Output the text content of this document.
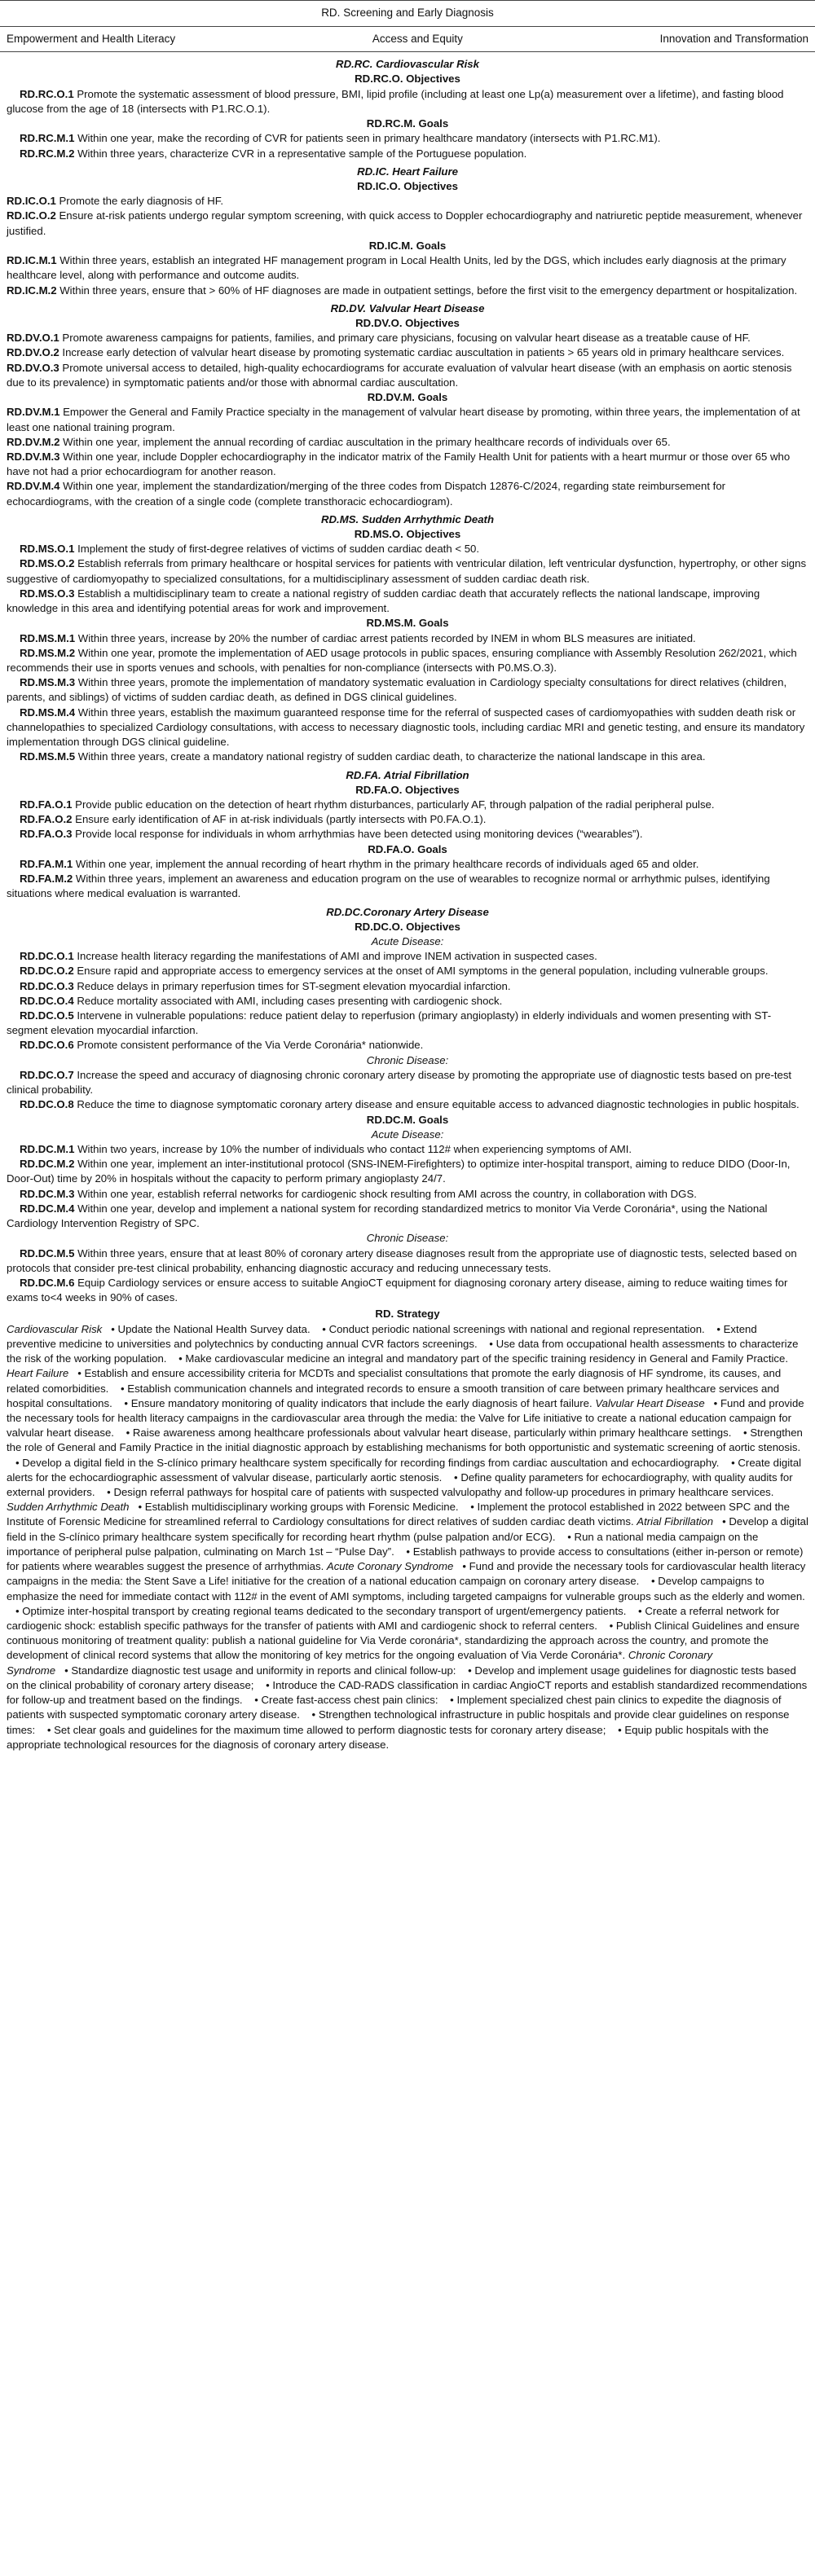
RD. Screening and Early Diagnosis
Empowerment and Health Literacy	Access and Equity	Innovation and Transformation
RD.RC. Cardiovascular Risk
RD.RC.O. Objectives

RD.RC.O.1 Promote the systematic assessment of blood pressure, BMI, lipid profile (including at least one Lp(a) measurement over a lifetime), and fasting blood glucose from the age of 18 (intersects with P1.RC.O.1).

RD.RC.M. Goals

RD.RC.M.1 Within one year, make the recording of CVR for patients seen in primary healthcare mandatory (intersects with P1.RC.M1).

RD.RC.M.2 Within three years, characterize CVR in a representative sample of the Portuguese population.

RD.IC. Heart Failure
RD.IC.O. Objectives

RD.IC.O.1 Promote the early diagnosis of HF.

RD.IC.O.2 Ensure at-risk patients undergo regular symptom screening, with quick access to Doppler echocardiography and natriuretic peptide measurement, whenever justified.

RD.IC.M. Goals

RD.IC.M.1 Within three years, establish an integrated HF management program in Local Health Units, led by the DGS, which includes early diagnosis at the primary healthcare level, along with performance and outcome audits.

RD.IC.M.2 Within three years, ensure that > 60% of HF diagnoses are made in outpatient settings, before the first visit to the emergency department or hospitalization.

RD.DV. Valvular Heart Disease
RD.DV.O. Objectives

RD.DV.O.1 Promote awareness campaigns for patients, families, and primary care physicians, focusing on valvular heart disease as a treatable cause of HF.

RD.DV.O.2 Increase early detection of valvular heart disease by promoting systematic cardiac auscultation in patients > 65 years old in primary healthcare services.

RD.DV.O.3 Promote universal access to detailed, high-quality echocardiograms for accurate evaluation of valvular heart disease (with an emphasis on aortic stenosis due to its prevalence) in symptomatic patients and/or those with abnormal cardiac auscultation.

RD.DV.M. Goals

RD.DV.M.1 Empower the General and Family Practice specialty in the management of valvular heart disease by promoting, within three years, the implementation of at least one national training program.

RD.DV.M.2 Within one year, implement the annual recording of cardiac auscultation in the primary healthcare records of individuals over 65.

RD.DV.M.3 Within one year, include Doppler echocardiography in the indicator matrix of the Family Health Unit for patients with a heart murmur or those over 65 who have not had a prior echocardiogram for another reason.

RD.DV.M.4 Within one year, implement the standardization/merging of the three codes from Dispatch 12876-C/2024, regarding state reimbursement for echocardiograms, with the creation of a single code (complete transthoracic echocardiogram).

RD.MS. Sudden Arrhythmic Death
RD.MS.O. Objectives

RD.MS.O.1 Implement the study of first-degree relatives of victims of sudden cardiac death < 50.

RD.MS.O.2 Establish referrals from primary healthcare or hospital services for patients with ventricular dilation, left ventricular dysfunction, hypertrophy, or other signs suggestive of cardiomyopathy to specialized consultations, for a multidisciplinary assessment of sudden cardiac death risk.

RD.MS.O.3 Establish a multidisciplinary team to create a national registry of sudden cardiac death that accurately reflects the national landscape, improving knowledge in this area and identifying potential areas for work and improvement.

RD.MS.M. Goals

RD.MS.M.1 Within three years, increase by 20% the number of cardiac arrest patients recorded by INEM in whom BLS measures are initiated.

RD.MS.M.2 Within one year, promote the implementation of AED usage protocols in public spaces, ensuring compliance with Assembly Resolution 262/2021, which recommends their use in sports venues and schools, with penalties for non-compliance (intersects with P0.MS.O.3).

RD.MS.M.3 Within three years, promote the implementation of mandatory systematic evaluation in Cardiology specialty consultations for direct relatives (children, parents, and siblings) of victims of sudden cardiac death, as defined in DGS clinical guidelines.

RD.MS.M.4 Within three years, establish the maximum guaranteed response time for the referral of suspected cases of cardiomyopathies with sudden death risk or channelopathies to specialized Cardiology consultations, with access to necessary diagnostic tools, including cardiac MRI and genetic testing, and ensure its mandatory implementation through DGS clinical guideline.

RD.MS.M.5 Within three years, create a mandatory national registry of sudden cardiac death, to characterize the national landscape in this area.

RD.FA. Atrial Fibrillation
RD.FA.O. Objectives

RD.FA.O.1 Provide public education on the detection of heart rhythm disturbances, particularly AF, through palpation of the radial peripheral pulse.

RD.FA.O.2 Ensure early identification of AF in at-risk individuals (partly intersects with P0.FA.O.1).

RD.FA.O.3 Provide local response for individuals in whom arrhythmias have been detected using monitoring devices (“wearables”).

RD.FA.O. Goals

RD.FA.M.1 Within one year, implement the annual recording of heart rhythm in the primary healthcare records of individuals aged 65 and older.

RD.FA.M.2 Within three years, implement an awareness and education program on the use of wearables to recognize normal or arrhythmic pulses, identifying situations where medical evaluation is warranted.

RD.DC.Coronary Artery Disease
RD.DC.O. Objectives
Acute Disease:

RD.DC.O.1 Increase health literacy regarding the manifestations of AMI and improve INEM activation in suspected cases.

RD.DC.O.2 Ensure rapid and appropriate access to emergency services at the onset of AMI symptoms in the general population, including vulnerable groups.

RD.DC.O.3 Reduce delays in primary reperfusion times for ST-segment elevation myocardial infarction.

RD.DC.O.4 Reduce mortality associated with AMI, including cases presenting with cardiogenic shock.

RD.DC.O.5 Intervene in vulnerable populations: reduce patient delay to reperfusion (primary angioplasty) in elderly individuals and women presenting with ST-segment elevation myocardial infarction.

RD.DC.O.6 Promote consistent performance of the Via Verde Coronária* nationwide.

Chronic Disease:

RD.DC.O.7 Increase the speed and accuracy of diagnosing chronic coronary artery disease by promoting the appropriate use of diagnostic tests based on pre-test clinical probability.

RD.DC.O.8 Reduce the time to diagnose symptomatic coronary artery disease and ensure equitable access to advanced diagnostic technologies in public hospitals.

RD.DC.M. Goals
Acute Disease:

RD.DC.M.1 Within two years, increase by 10% the number of individuals who contact 112# when experiencing symptoms of AMI.

RD.DC.M.2 Within one year, implement an inter-institutional protocol (SNS-INEM-Firefighters) to optimize inter-hospital transport, aiming to reduce DIDO (Door-In, Door-Out) time by 20% in hospitals without the capacity to perform primary angioplasty 24/7.

RD.DC.M.3 Within one year, establish referral networks for cardiogenic shock resulting from AMI across the country, in collaboration with DGS.

RD.DC.M.4 Within one year, develop and implement a national system for recording standardized metrics to monitor Via Verde Coronária*, using the National Cardiology Intervention Registry of SPC.

Chronic Disease:

RD.DC.M.5 Within three years, ensure that at least 80% of coronary artery disease diagnoses result from the appropriate use of diagnostic tests, selected based on protocols that consider pre-test clinical probability, enhancing diagnostic accuracy and reducing unnecessary tests.

RD.DC.M.6 Equip Cardiology services or ensure access to suitable AngioCT equipment for diagnosing coronary artery disease, aiming to reduce waiting times for exams to<4 weeks in 90% of cases.

RD. Strategy

Cardiovascular Risk • Update the National Health Survey data. • Conduct periodic national screenings with national and regional representation. • Extend preventive medicine to universities and polytechnics by conducting annual CVR factors screenings. • Use data from occupational health assessments to characterize the risk of the working population. • Make cardiovascular medicine an integral and mandatory part of the specific training residency in General and Family Practice. Heart Failure • Establish and ensure accessibility criteria for MCDTs and specialist consultations that promote the early diagnosis of HF syndrome, its causes, and related comorbidities. • Establish communication channels and integrated records to ensure a smooth transition of care between primary healthcare services and hospital consultations. • Ensure mandatory monitoring of quality indicators that include the early diagnosis of heart failure. Valvular Heart Disease • Fund and provide the necessary tools for health literacy campaigns in the cardiovascular area through the media: the Valve for Life initiative to create a national education campaign for valvular heart disease. • Raise awareness among healthcare professionals about valvular heart disease, particularly within primary healthcare settings. • Strengthen the role of General and Family Practice in the initial diagnostic approach by establishing mechanisms for both opportunistic and systematic screening of aortic stenosis.    • Develop a digital field in the S-clínico primary healthcare system specifically for recording findings from cardiac auscultation and echocardiography. • Create digital alerts for the echocardiographic assessment of valvular disease, particularly aortic stenosis. • Define quality parameters for echocardiography, with quality audits for external providers. • Design referral pathways for hospital care of patients with suspected valvulopathy and follow-up procedures in primary healthcare services. Sudden Arrhythmic Death • Establish multidisciplinary working groups with Forensic Medicine. • Implement the protocol established in 2022 between SPC and the Institute of Forensic Medicine for streamlined referral to Cardiology consultations for direct relatives of sudden cardiac death victims. Atrial Fibrillation • Develop a digital field in the S-clínico primary healthcare system specifically for recording heart rhythm (pulse palpation and/or ECG). • Run a national media campaign on the importance of peripheral pulse palpation, culminating on March 1st – “Pulse Day”. • Establish pathways to provide access to consultations (either in-person or remote) for patients where wearables suggest the presence of arrhythmias. Acute Coronary Syndrome • Fund and provide the necessary tools for cardiovascular health literacy campaigns in the media: the Stent Save a Life! initiative for the creation of a national education campaign on coronary artery disease. • Develop campaigns to emphasize the need for immediate contact with 112# in the event of AMI symptoms, including targeted campaigns for vulnerable groups such as the elderly and women.    • Optimize inter-hospital transport by creating regional teams dedicated to the secondary transport of urgent/emergency patients. • Create a referral network for cardiogenic shock: establish specific pathways for the transfer of patients with AMI and cardiogenic shock to referral centers. • Publish Clinical Guidelines and ensure continuous monitoring of treatment quality: publish a national guideline for Via Verde coronária*, standardizing the approach across the country, and promote the development of clinical record systems that allow the monitoring of key metrics for the ongoing evaluation of Via Verde Coronária*. Chronic Coronary Syndrome • Standardize diagnostic test usage and uniformity in reports and clinical follow-up: • Develop and implement usage guidelines for diagnostic tests based on the clinical probability of coronary artery disease; • Introduce the CAD-RADS classification in cardiac AngioCT reports and establish standardized recommendations for follow-up and treatment based on the findings. • Create fast-access chest pain clinics: • Implement specialized chest pain clinics to expedite the diagnosis of patients with suspected symptomatic coronary artery disease. • Strengthen technological infrastructure in public hospitals and provide clear guidelines on response times: • Set clear goals and guidelines for the maximum time allowed to perform diagnostic tests for coronary artery disease; • Equip public hospitals with the appropriate technological resources for the diagnosis of coronary artery disease.
